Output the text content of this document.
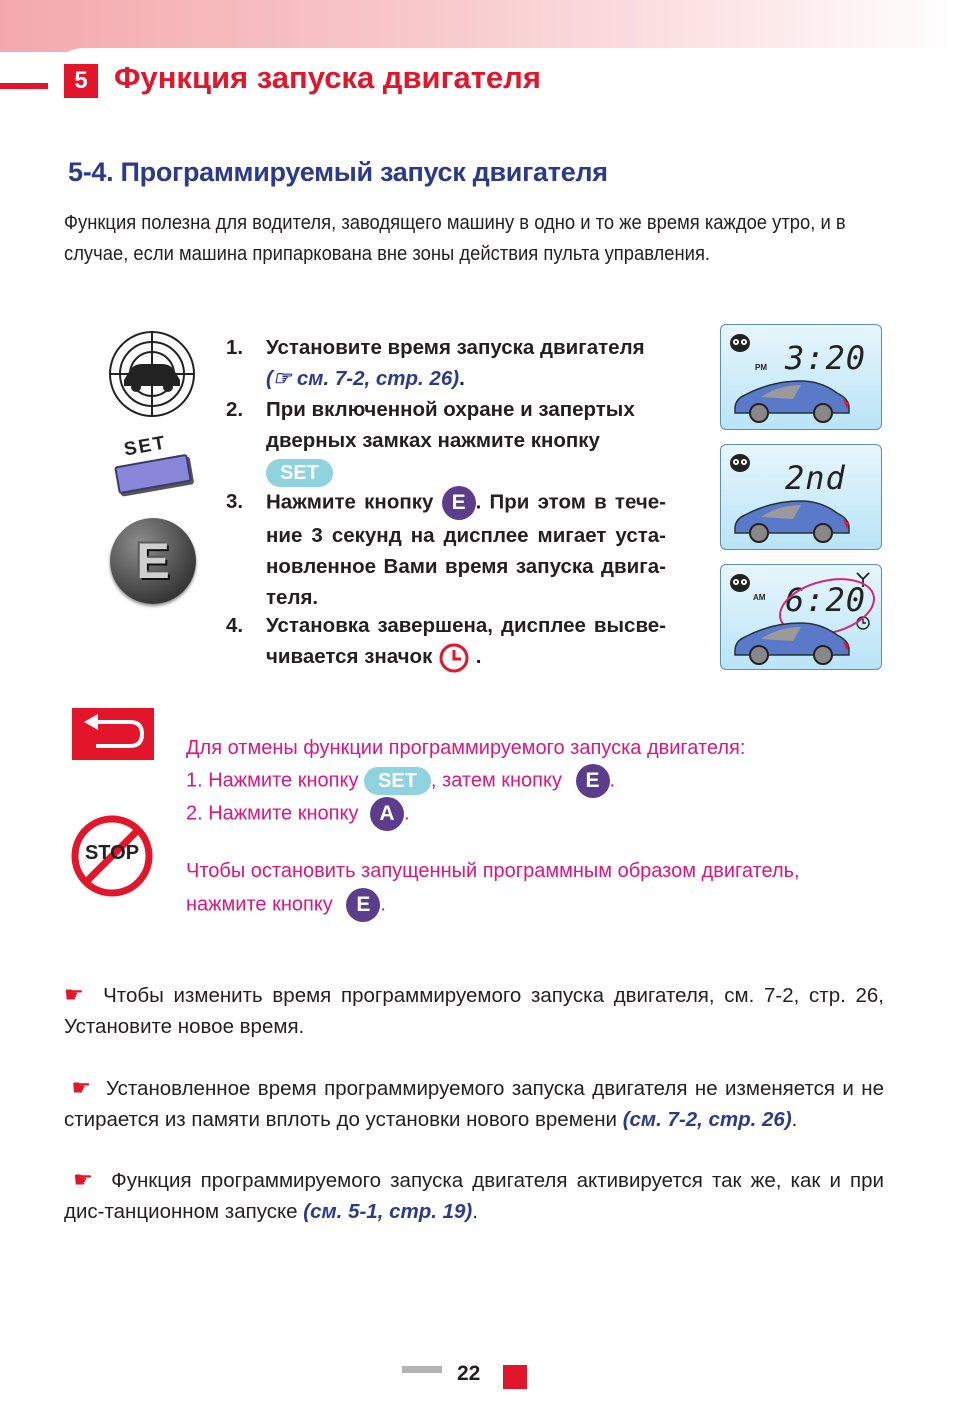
5 Функция запуска двигателя
5-4. Программируемый запуск двигателя
Функция полезна для водителя, заводящего машину в одно и то же время каждое утро, и в случае, если машина припаркована вне зоны действия пульта управления.
SET
E
1. Установите время запуска двигателя
(☞ см. 7-2, стр. 26).
2. При включенной охране и запертых дверных замках нажмите кнопку SET
3. Нажмите кнопку E . При этом в тече-ние 3 секунд на дисплее мигает уста-новленное Вами время запуска двига-теля.
4. Установка завершена, дисплее высве-чивается значок .
PM 3:20
2nd
AM 6:20
STOP
Для отмены функции программируемого запуска двигателя:
1. Нажмите кнопку SET , затем кнопку E .
2. Нажмите кнопку A .
Чтобы остановить запущенный программным образом двигатель,
нажмите кнопку E .
☛ Чтобы изменить время программируемого запуска двигателя, см. 7-2, стр. 26, Установите новое время.
☛ Установленное время программируемого запуска двигателя не изменяется и не стирается из памяти вплоть до установки нового времени (см. 7-2, стр. 26).
☛ Функция программируемого запуска двигателя активируется так же, как и при дис-танционном запуске (см. 5-1, стр. 19).
22
